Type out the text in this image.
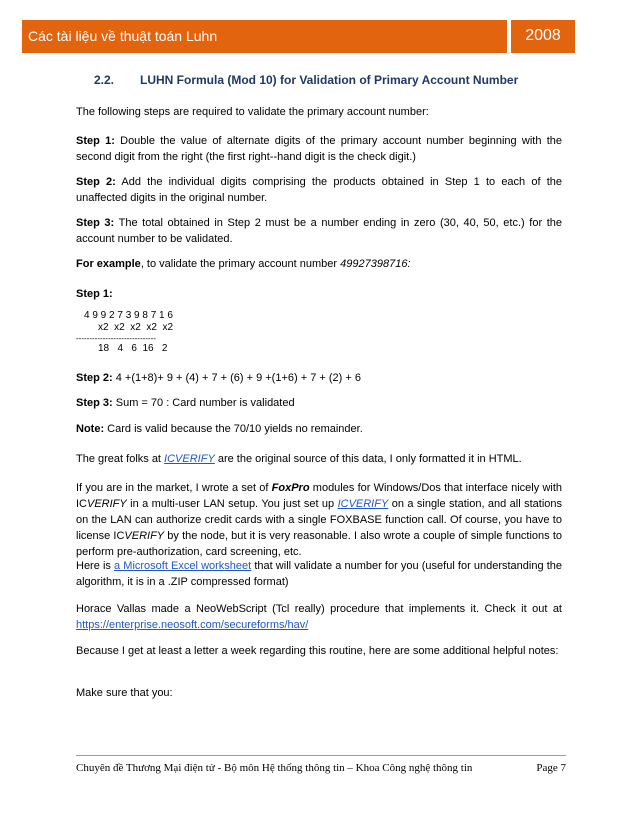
Các tài liệu về thuật toán Luhn	2008
2.2. LUHN Formula (Mod 10) for Validation of Primary Account Number

The following steps are required to validate the primary account number:

Step 1: Double the value of alternate digits of the primary account number beginning with the second digit from the right (the first right--hand digit is the check digit.)

Step 2: Add the individual digits comprising the products obtained in Step 1 to each of the unaffected digits in the original number.

Step 3: The total obtained in Step 2 must be a number ending in zero (30, 40, 50, etc.) for the account number to be validated.

For example, to validate the primary account number 49927398716:

Step 1:

4 9 9 2 7 3 9 8 7 1 6
x2  x2  x2  x2  x2
------------------------------
18   4   6  16   2

Step 2: 4 +(1+8)+ 9 + (4) + 7 + (6) + 9 +(1+6) + 7 + (2) + 6

Step 3: Sum = 70 : Card number is validated

Note: Card is valid because the 70/10 yields no remainder.

The great folks at ICVERIFY are the original source of this data, I only formatted it in HTML.

If you are in the market, I wrote a set of FoxPro modules for Windows/Dos that interface nicely with ICVERIFY in a multi-user LAN setup. You just set up ICVERIFY on a single station, and all stations on the LAN can authorize credit cards with a single FOXBASE function call. Of course, you have to license ICVERIFY by the node, but it is very reasonable. I also wrote a couple of simple functions to perform pre-authorization, card screening, etc.

Here is a Microsoft Excel worksheet that will validate a number for you (useful for understanding the algorithm, it is in a .ZIP compressed format)

Horace Vallas made a NeoWebScript (Tcl really) procedure that implements it. Check it out at https://enterprise.neosoft.com/secureforms/hav/

Because I get at least a letter a week regarding this routine, here are some additional helpful notes:

Make sure that you:

Chuyên đề Thương Mại điện tử - Bộ môn Hệ thống thông tin – Khoa Công nghệ thông tin	Page 7
